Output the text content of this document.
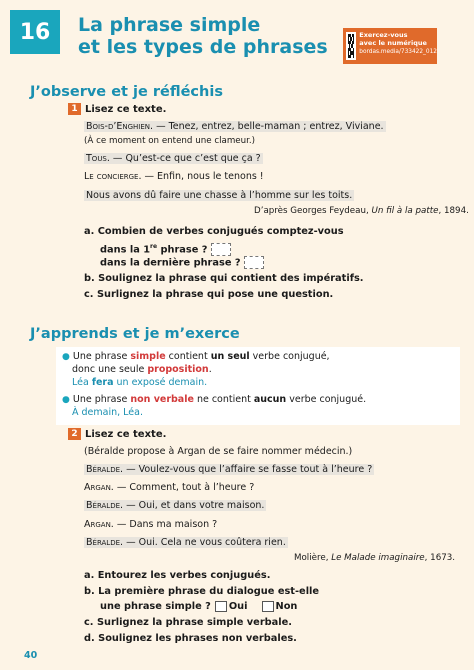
16	La phrase simple
et les types de phrases
Exercez-vous
avec le numérique
bordas.media/733422_012
J’observe et je réfléchis
1 Lisez ce texte.
Bois-d’Enghien. — Tenez, entrez, belle-maman ; entrez, Viviane.
(À ce moment on entend une clameur.)
Tous. — Qu’est-ce que c’est que ça ?
Le concierge. — Enfin, nous le tenons !
Nous avons dû faire une chasse à l’homme sur les toits.
D’après Georges Feydeau, Un fil à la patte, 1894.
a. Combien de verbes conjugués comptez-vous
dans la 1re phrase ?
dans la dernière phrase ?
b. Soulignez la phrase qui contient des impératifs.
c. Surlignez la phrase qui pose une question.
J’apprends et je m’exerce
● Une phrase simple contient un seul verbe conjugué,
donc une seule proposition.
Léa fera un exposé demain.
● Une phrase non verbale ne contient aucun verbe conjugué.
À demain, Léa.
2 Lisez ce texte.
(Béralde propose à Argan de se faire nommer médecin.)
Béralde. — Voulez-vous que l’affaire se fasse tout à l’heure ?
Argan. — Comment, tout à l’heure ?
Béralde. — Oui, et dans votre maison.
Argan. — Dans ma maison ?
Béralde. — Oui. Cela ne vous coûtera rien.
Molière, Le Malade imaginaire, 1673.
a. Entourez les verbes conjugués.
b. La première phrase du dialogue est-elle
une phrase simple ? Oui	Non
c. Surlignez la phrase simple verbale.
d. Soulignez les phrases non verbales.
40
